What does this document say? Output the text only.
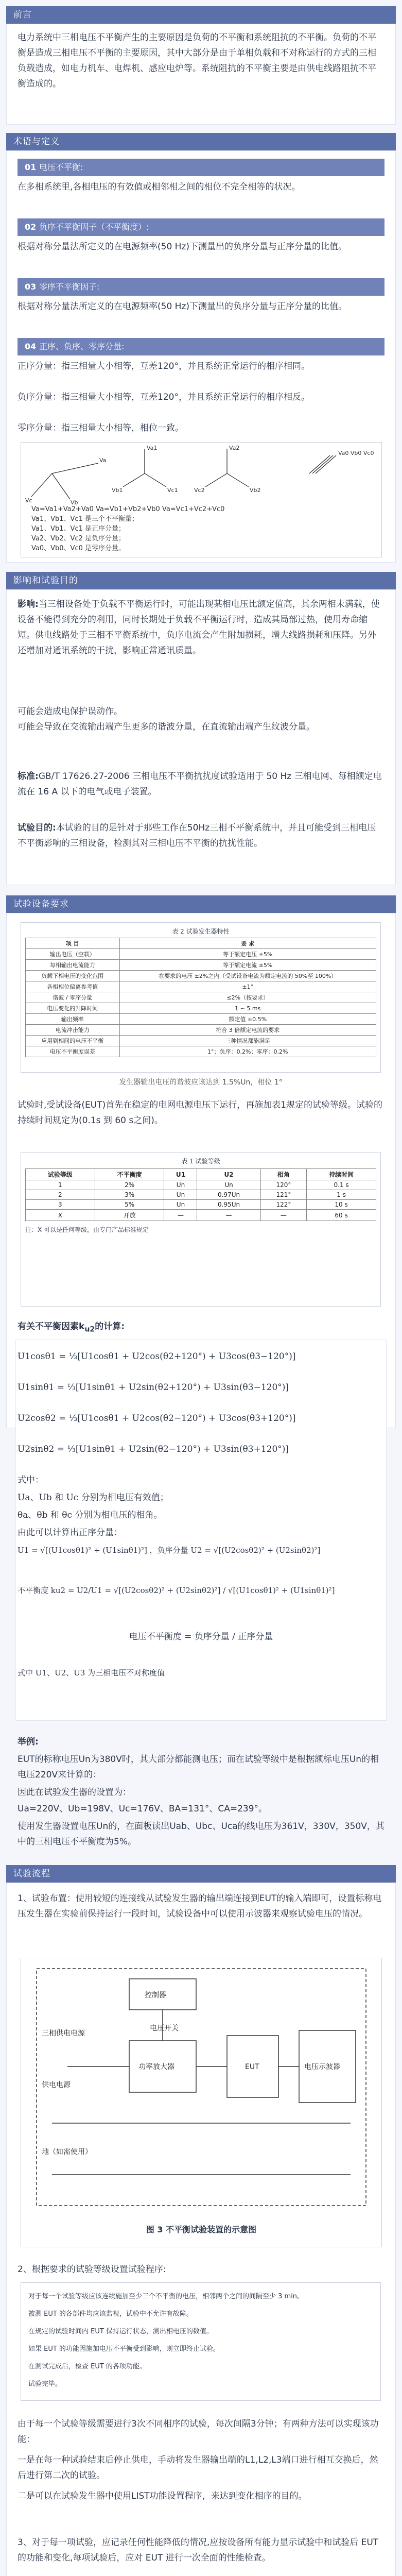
前言
电力系统中三相电压不平衡产生的主要原因是负荷的不平衡和系统阻抗的不平衡。负荷的不平衡是造成三相电压不平衡的主要原因，其中大部分是由于单相负载和不对称运行的方式的三相负载造成，如电力机车、电焊机、感应电炉等。系统阻抗的不平衡主要是由供电线路阻抗不平衡造成的。
术语与定义
01 电压不平衡:
在多相系统里,各相电压的有效值或相邻相之间的相位不完全相等的状况。
02 负序不平衡因子（不平衡度）:
根据对称分量法所定义的在电源频率(50 Hz)下测量出的负序分量与正序分量的比值。
03 零序不平衡因子:
根据对称分量法所定义的在电源频率(50 Hz)下测量出的负序分量与正序分量的比值。
04 正序、负序、零序分量:
正序分量：指三相量大小相等，互差120°，并且系统正常运行的相序相同。
负序分量：指三相量大小相等，互差120°，并且系统正常运行的相序相反。
零序分量：指三相量大小相等，相位一致。
Va
Vc	Vb
Va1
Vb1	Vc1
Va2
Vb2
Vc2
Va0 Vb0 Vc0
Va=Va1+Va2+Va0 Va=Vb1+Vb2+Vb0 Va=Vc1+Vc2+Vc0
Va1、Vb1、Vc1 是三个不平衡量；
Va1、Vb1、Vc1 是正序分量；
Va2、Vb2、Vc2 是负序分量；
Va0、Vb0、Vc0 是零序分量。
影响和试验目的
影响:当三相设备处于负载不平衡运行时，可能出现某相电压比额定值高，其余两相未满载，使设备不能得到充分的利用，同时长期处于负载不平衡运行时，造成其局部过热，使用寿命缩短。供电线路处于三相不平衡系统中，负序电流会产生附加损耗，增大线路损耗和压降。另外还增加对通讯系统的干扰，影响正常通讯质量。
可能会造成电保护误动作。
可能会导致在交流输出端产生更多的谐波分量，在直流输出端产生纹波分量。
标准:GB/T 17626.27-2006 三相电压不平衡抗扰度试验适用于 50 Hz 三相电网、每相额定电流在 16 A 以下的电气或电子装置。
试验目的:本试验的目的是针对于那些工作在50Hz三相不平衡系统中，并且可能受到三相电压不平衡影响的三相设备，检测其对三相电压不平衡的抗扰性能。
试验设备要求
表 2 试验发生器特性
项 目	要 求
输出电压（空载）	等于额定电压 ±5%
每相输出电流能力	等于额定电流 ±5%
负载下相电压的变化范围	在要求的电压 ±2%之内（受试设备电流为额定电流的 50%至 100%）
各相相位偏离参考值	±1°
谐波 / 零序分量	≤2%（按要求）
电压变化的升降时间	1 ~ 5 ms
输出频率	额定值 ±0.5%
电流冲击能力	符合 3 倍额定电流的要求
应用到相间的电压不平衡	三种情况都能满足
电压不平衡度误差	1°；负序：0.2%；零序：0.2%
发生器输出电压的谐波应该达到 1.5%Un，相位 1°
试验时,受试设备(EUT)首先在稳定的电网电源电压下运行，再施加表1规定的试验等级。试验的持续时间规定为(0.1s 到 60 s之间)。
表 1 试验等级
试验等级	不平衡度	U1	U2	相角	持续时间
1	2%	Un	Un	120°	0.1 s
2	3%	Un	0.97Un	121°	1 s
3	5%	Un	0.95Un	122°	10 s
X	开放	—	—	—	60 s
注：X 可以是任何等级，由专门产品标准规定
有关不平衡因素$k_{u2}$的计算:
U1cosθ1 = ⅓[U1cosθ1 + U2cos(θ2+120°) + U3cos(θ3−120°)]
U1sinθ1 = ⅓[U1sinθ1 + U2sin(θ2+120°) + U3sin(θ3−120°)]
U2cosθ2 = ⅓[U1cosθ1 + U2cos(θ2−120°) + U3cos(θ3+120°)]
U2sinθ2 = ⅓[U1sinθ1 + U2sin(θ2−120°) + U3sin(θ3+120°)]
式中：
Ua、Ub 和 Uc 分别为相电压有效值；
θa、θb 和 θc 分别为相电压的相角。
由此可以计算出正序分量：
U1 = √[(U1cosθ1)² + (U1sinθ1)²] ，负序分量 U2 = √[(U2cosθ2)² + (U2sinθ2)²]
不平衡度 ku2 = U2/U1 = √[(U2cosθ2)² + (U2sinθ2)²] / √[(U1cosθ1)² + (U1sinθ1)²]
电压不平衡度 = 负序分量 / 正序分量
式中 U1、U2、U3 为三相电压不对称度值
举例:
EUT的标称电压Un为380V时，其大部分都能测电压；而在试验等级中是根据额标电压Un的相电压220V来计算的：
因此在试验发生器的设置为：
Ua=220V、Ub=198V、Uc=176V、BA=131°、CA=239°。
使用发生器设置电压Un的，在面板读出Uab、Ubc、Uca的线电压为361V，330V，350V，其中的三相电压不平衡度为5%。
试验流程
1、试验布置：使用较短的连接线从试验发生器的输出端连接到EUT的输入端即可，设置标称电压发生器在实验前保持运行一段时间，试验设备中可以使用示波器来观察试验电压的情况。
三相供电电源
供电电源
地（如需使用）
控制器
功率放大器	EUT	电压示波器
电压开关
图 3 不平衡试验装置的示意图
2、根据要求的试验等级设置试验程序:
对于每一个试验等级应该连续施加至少三个不平衡的电压，相邻两个之间的间隔至少 3 min。
被测 EUT 的各部件均应该监视，试验中不允许有故障。
在规定的试验时间内 EUT 保持运行状态，测出相电压的数值。
如果 EUT 的功能因施加电压不平衡受到影响，则立即终止试验。
在测试完成后，检查 EUT 的各项功能。
试验完毕。
由于每一个试验等级需要进行3次不同相序的试验，每次间隔3分钟；有两种方法可以实现该功能：
一是在每一种试验结束后停止供电，手动将发生器输出端的L1,L2,L3端口进行相互交换后，然后进行第二次的试验。
二是可以在试验发生器中使用LIST功能设置程序，来达到变化相序的目的。
3、对于每一项试验，应记录任何性能降低的情况,应按设备所有能力显示试验中和试验后 EUT的功能和变化,每项试验后，应对 EUT 进行一次全面的性能检查。
